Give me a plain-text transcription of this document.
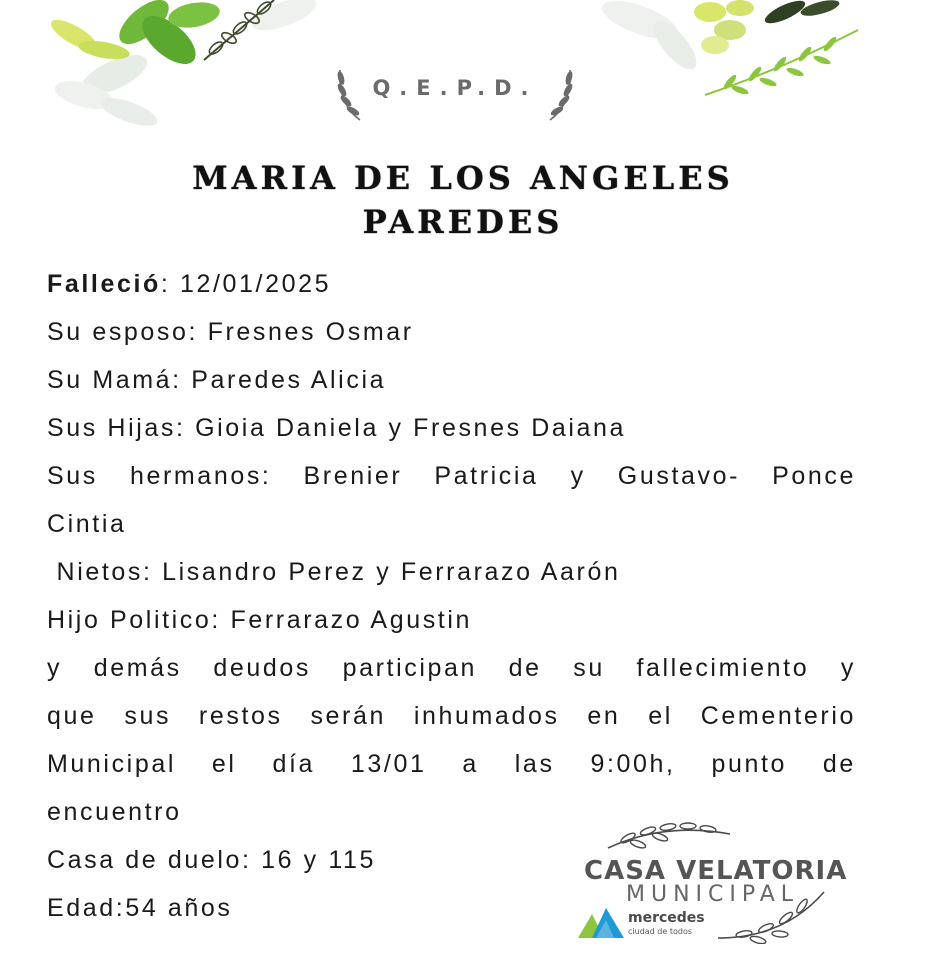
Q.E.P.D.
MARIA DE LOS ANGELES
PAREDES
Falleció: 12/01/2025
Su esposo: Fresnes Osmar
Su Mamá: Paredes Alicia
Sus Hijas: Gioia Daniela y Fresnes Daiana
Sus hermanos: Brenier Patricia y Gustavo- Ponce
Cintia
Nietos: Lisandro Perez y Ferrarazo Aarón
Hijo Politico: Ferrarazo Agustin
y demás deudos participan de su fallecimiento y
que sus restos serán inhumados en el Cementerio
Municipal el día 13/01 a las 9:00h, punto de
encuentro
Casa de duelo: 16 y 115
Edad:54 años
CASA VELATORIA
MUNICIPAL
mercedes
ciudad de todos
